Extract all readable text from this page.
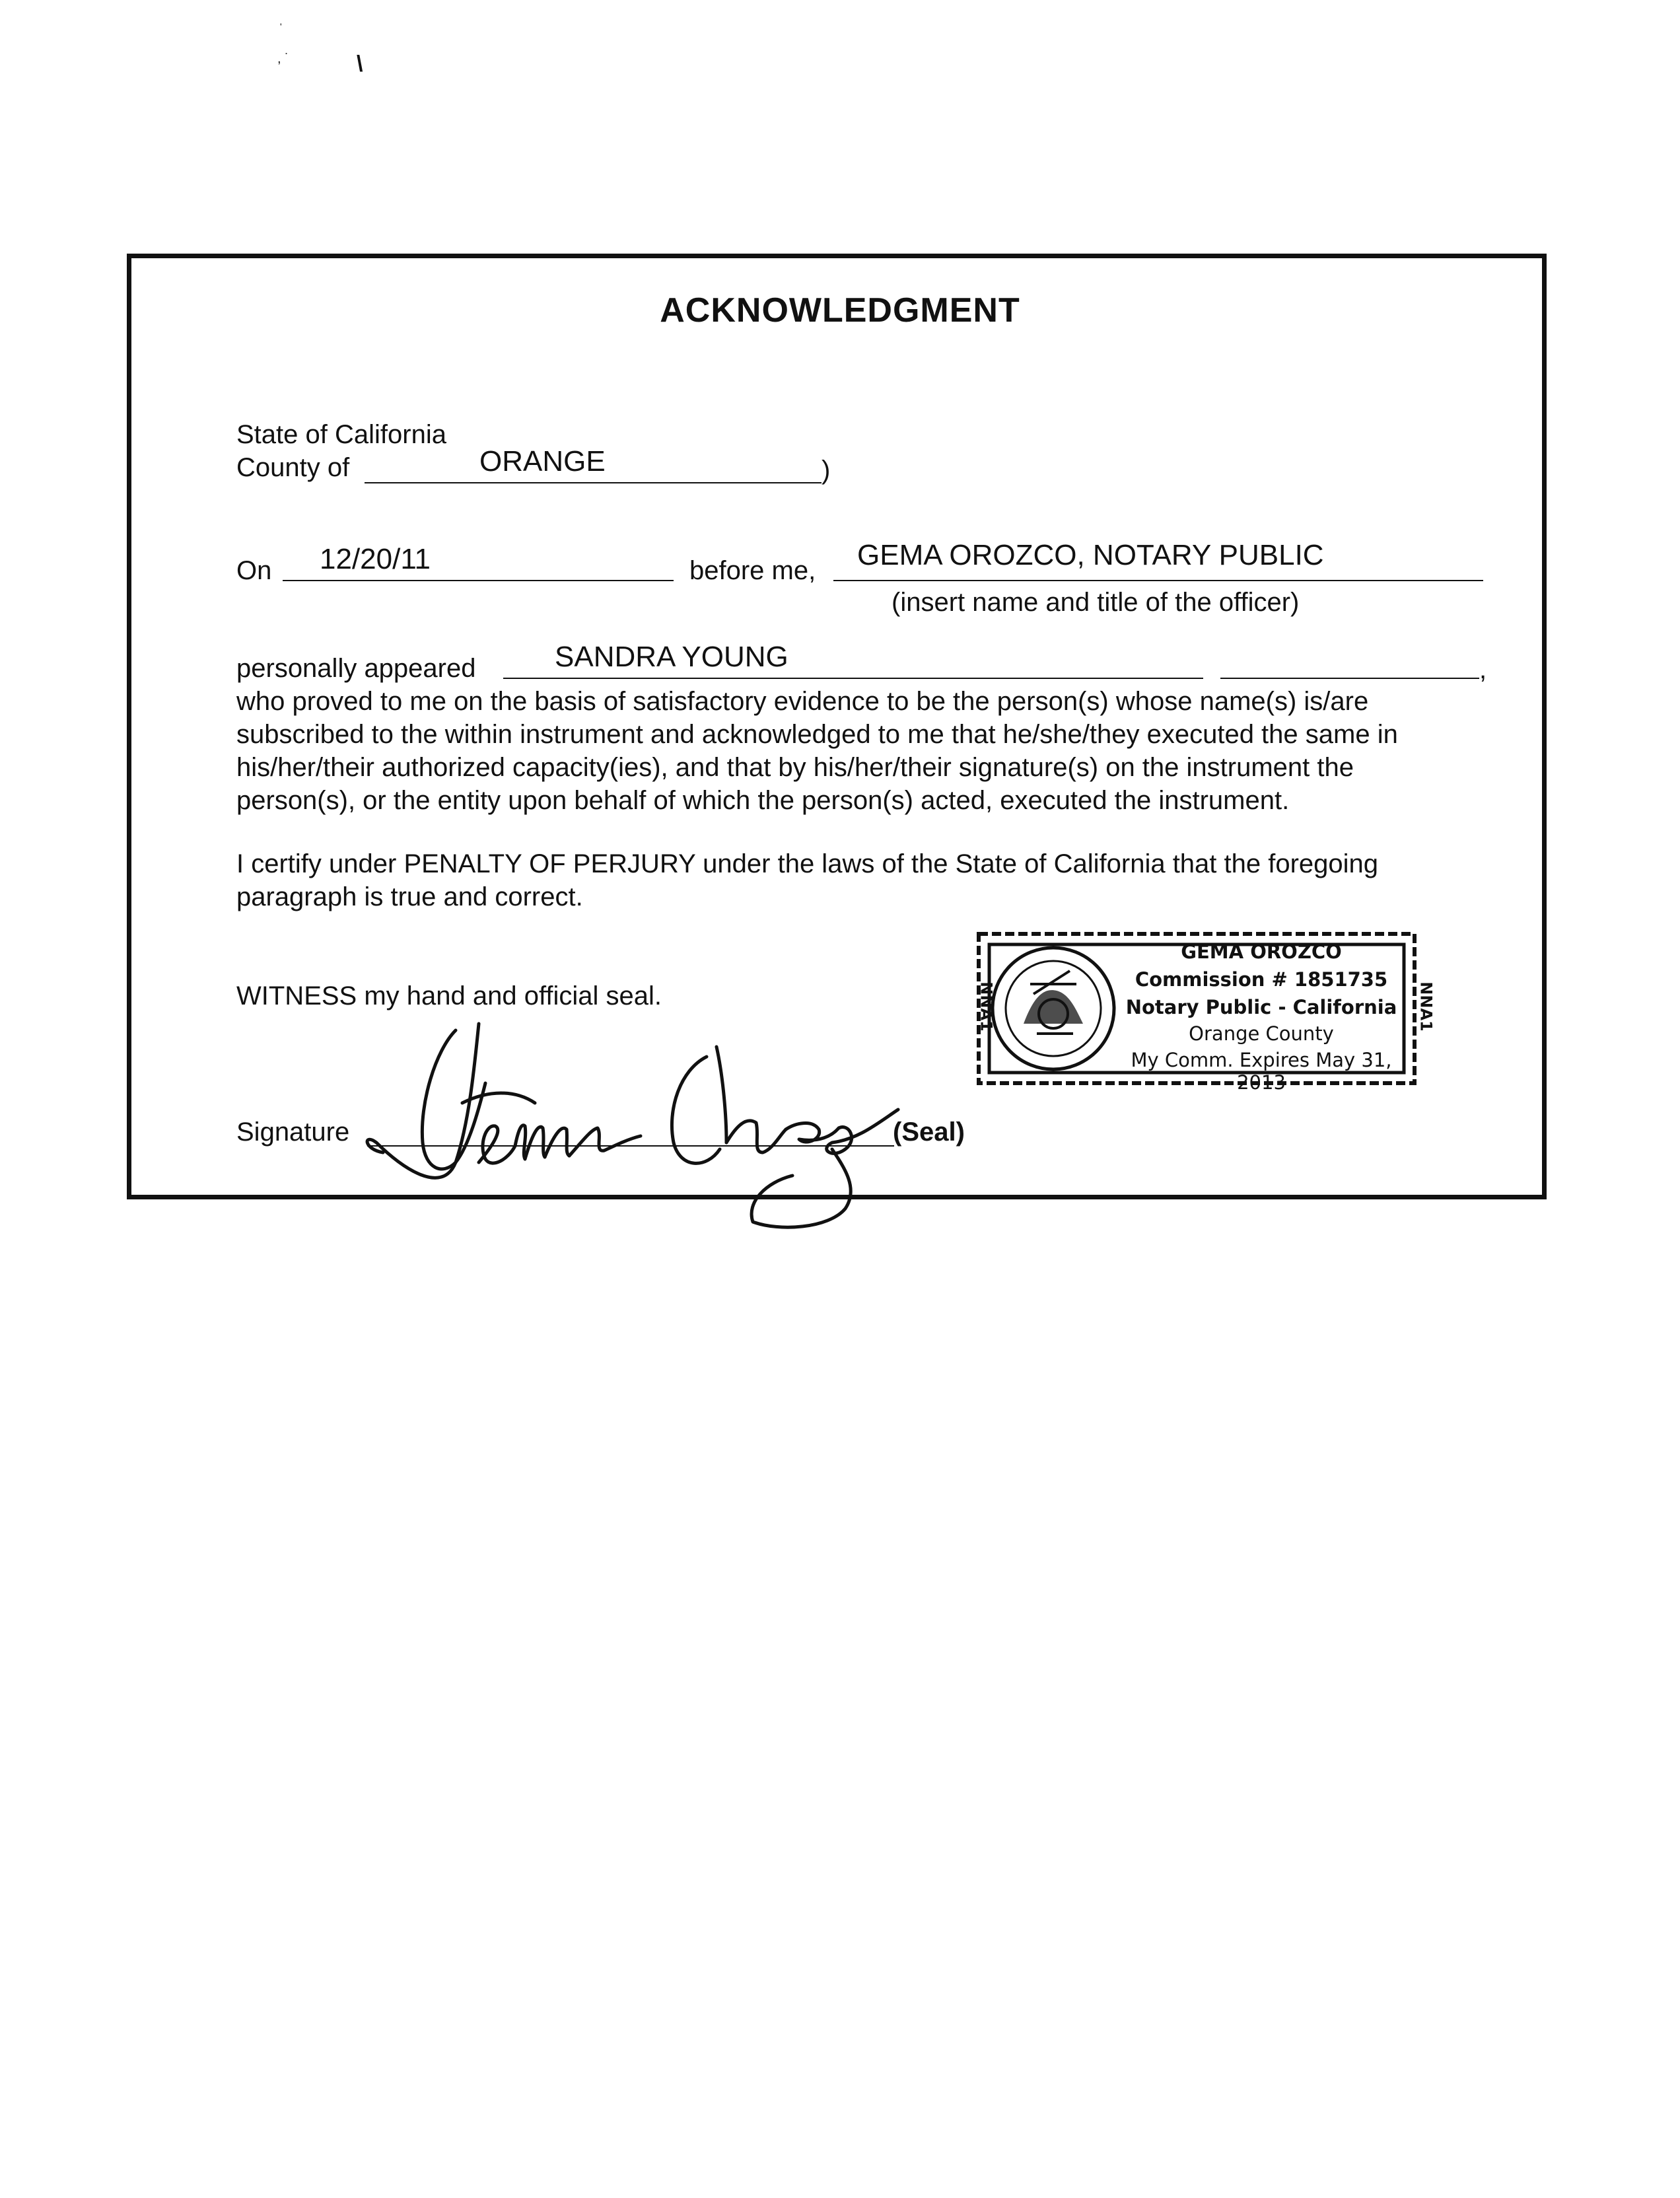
'
, ˙	\
ACKNOWLEDGMENT
State of California
County of	ORANGE	)
On 12/20/11	before me, GEMA OROZCO, NOTARY PUBLIC
(insert name and title of the officer)
personally appeared	SANDRA YOUNG	,
who proved to me on the basis of satisfactory evidence to be the person(s) whose name(s) is/are
subscribed to the within instrument and acknowledged to me that he/she/they executed the same in
his/her/their authorized capacity(ies), and that by his/her/their signature(s) on the instrument the
person(s), or the entity upon behalf of which the person(s) acted, executed the instrument.
I certify under PENALTY OF PERJURY under the laws of the State of California that the foregoing
paragraph is true and correct.
WITNESS my hand and official seal.
Signature	(Seal)
GEMA OROZCO
Commission # 1851735
Notary Public - California
Orange County
My Comm. Expires May 31, 2013
NNA1	NNA1
